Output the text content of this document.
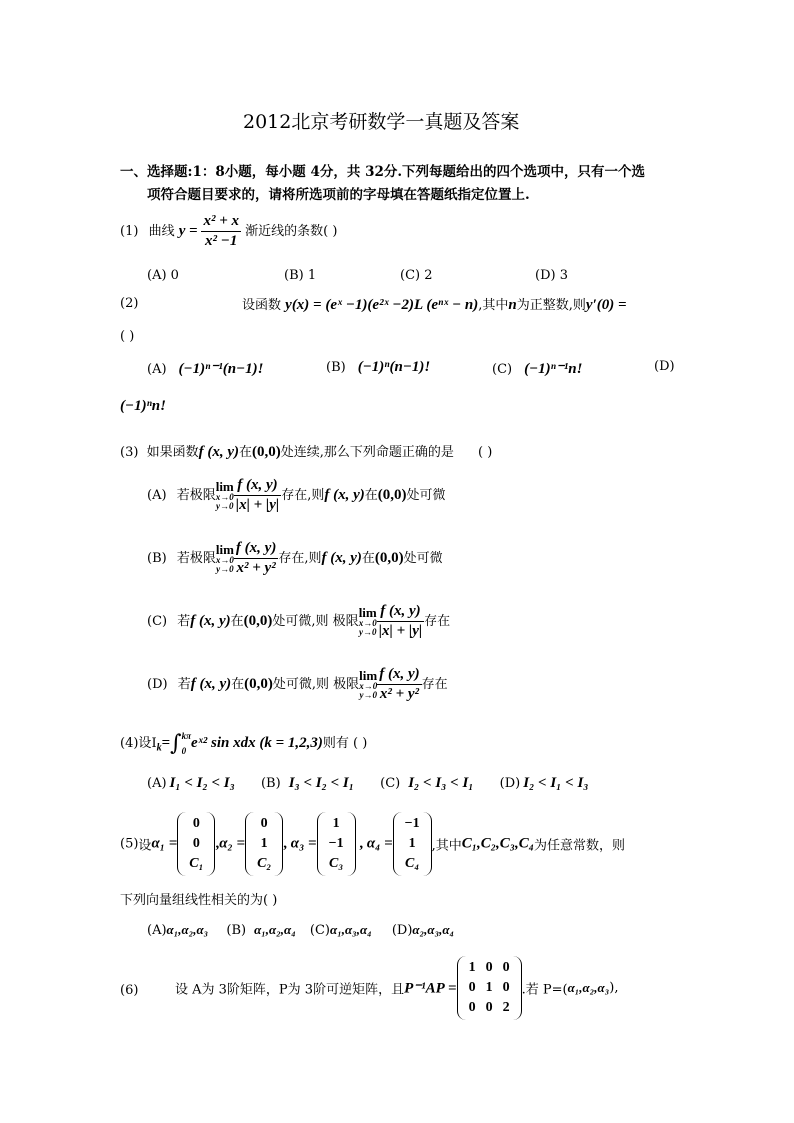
2012北京考研数学一真题及答案
一、选择题:1：8小题，每小题 4分，共 32分.下列每题给出的四个选项中，只有一个选
项符合题目要求的，请将所选项前的字母填在答题纸指定位置上.
(1) 曲线 $y = \frac{\text{x² + x}}{\text{x² −1}}$ 渐近线的条数( )
(A) 0	(B) 1	(C) 2	(D) 3
(2)	设函数 y(x) = (eˣ −1)(e²ˣ −2)L (eⁿˣ − n),其中n为正整数,则y′(0) =
( )
(A) (−1)ⁿ⁻¹(n−1)!	(B) (−1)ⁿ(n−1)!	(C) (−1)ⁿ⁻¹n!	(D)
(−1)ⁿn!
(3) 如果函数f (x, y)在(0,0)处连续,那么下列命题正确的是 ( )
(A) 若极限
lim
x→0
$y\to 0 \frac{f (x, y)}{|x| + |y|}$ 存在,则f (x, y)在(0,0)处可微
(B) 若极限
lim
x→0
$y\to 0 \frac{f (x, y)}{\text{x² + y²}}$ 存在,则f (x, y)在(0,0)处可微
(C) 若f (x, y)在(0,0)处可微,则 极限
lim
x→0
$y\to 0 \frac{f (x, y)}{|x| + |y|}$ 存在
(D) 若f (x, y)在(0,0)处可微,则 极限
lim
x→0
$y\to 0 \frac{f (x, y)}{\text{x² + y²}}$ 存在
(4)设$I_k=\int$ kπ
0 eˣ² sin xdx (k = 1,2,3)则有 ( )
(A) I₁ < I₂ < I₃ (B) I₃ < I₂ < I₁ (C) I₂ < I₃ < I₁ (D) I₂ < I₁ < I₃
(5)设α₁ =
0
0
C₁
,α₂ =
0
1
C₂
, α₃ =
1
−1
C₃
, α₄ =
−1
1
C₄
,其中C₁,C₂,C₃,C₄为任意常数，则
下列向量组线性相关的为( )
(A)α₁,α₂,α₃ (B) α₁,α₂,α₄ (C)α₁,α₃,α₄ (D)α₂,α₃,α₄
(6)	设 A为 3阶矩阵，P为 3阶可逆矩阵，且P⁻¹AP =
1	0	0
0	1	0
0	0	2
.若 P=(α₁,α₂,α₃),
